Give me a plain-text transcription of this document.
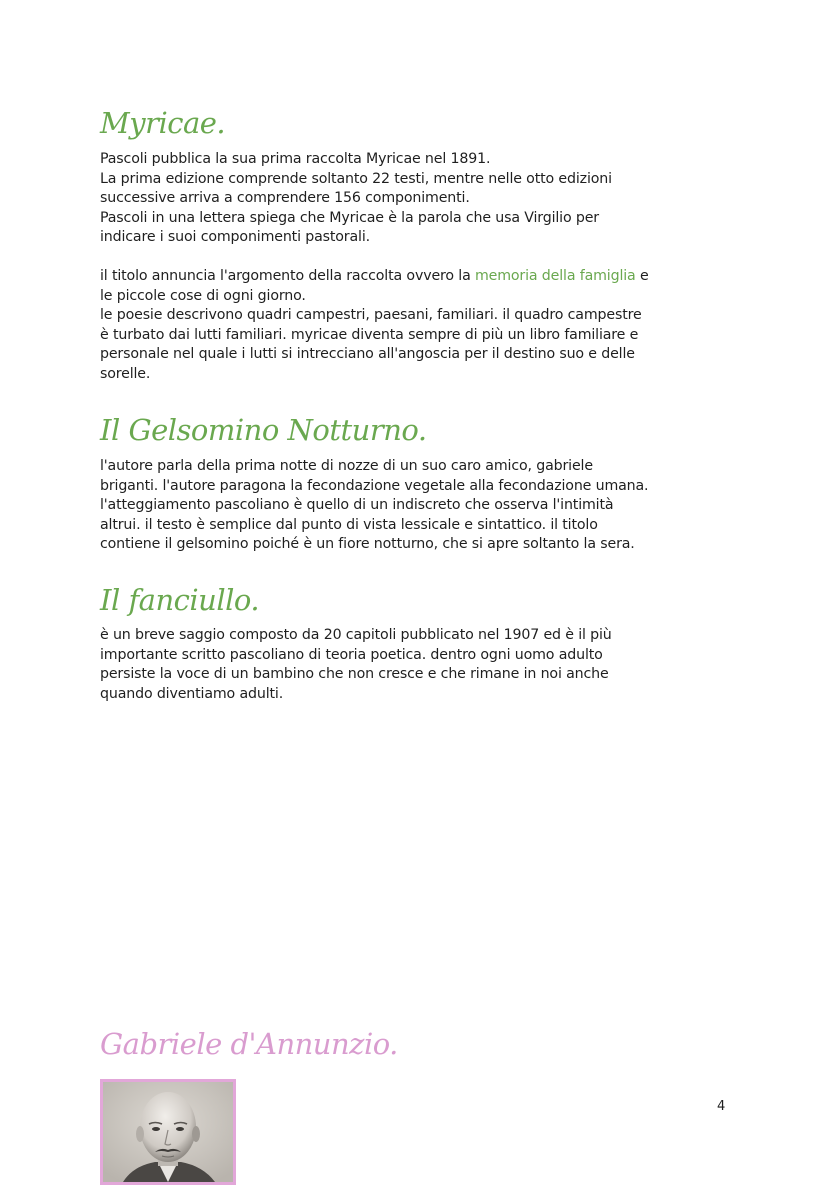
Myricae.

Pascoli pubblica la sua prima raccolta Myricae nel 1891.
La prima edizione comprende soltanto 22 testi, mentre nelle otto edizioni
successive arriva a comprendere 156 componimenti.
Pascoli in una lettera spiega che Myricae è la parola che usa Virgilio per
indicare i suoi componimenti pastorali.

il titolo annuncia l'argomento della raccolta ovvero la memoria della famiglia e
le piccole cose di ogni giorno.
le poesie descrivono quadri campestri, paesani, familiari. il quadro campestre
è turbato dai lutti familiari. myricae diventa sempre di più un libro familiare e
personale nel quale i lutti si intrecciano all'angoscia per il destino suo e delle
sorelle.

Il Gelsomino Notturno.

l'autore parla della prima notte di nozze di un suo caro amico, gabriele
briganti. l'autore paragona la fecondazione vegetale alla fecondazione umana.
l'atteggiamento pascoliano è quello di un indiscreto che osserva l'intimità
altrui. il testo è semplice dal punto di vista lessicale e sintattico. il titolo
contiene il gelsomino poiché è un fiore notturno, che si apre soltanto la sera.

Il fanciullo.

è un breve saggio composto da 20 capitoli pubblicato nel 1907 ed è il più
importante scritto pascoliano di teoria poetica. dentro ogni uomo adulto
persiste la voce di un bambino che non cresce e che rimane in noi anche
quando diventiamo adulti.

Gabriele d'Annunzio.
4
